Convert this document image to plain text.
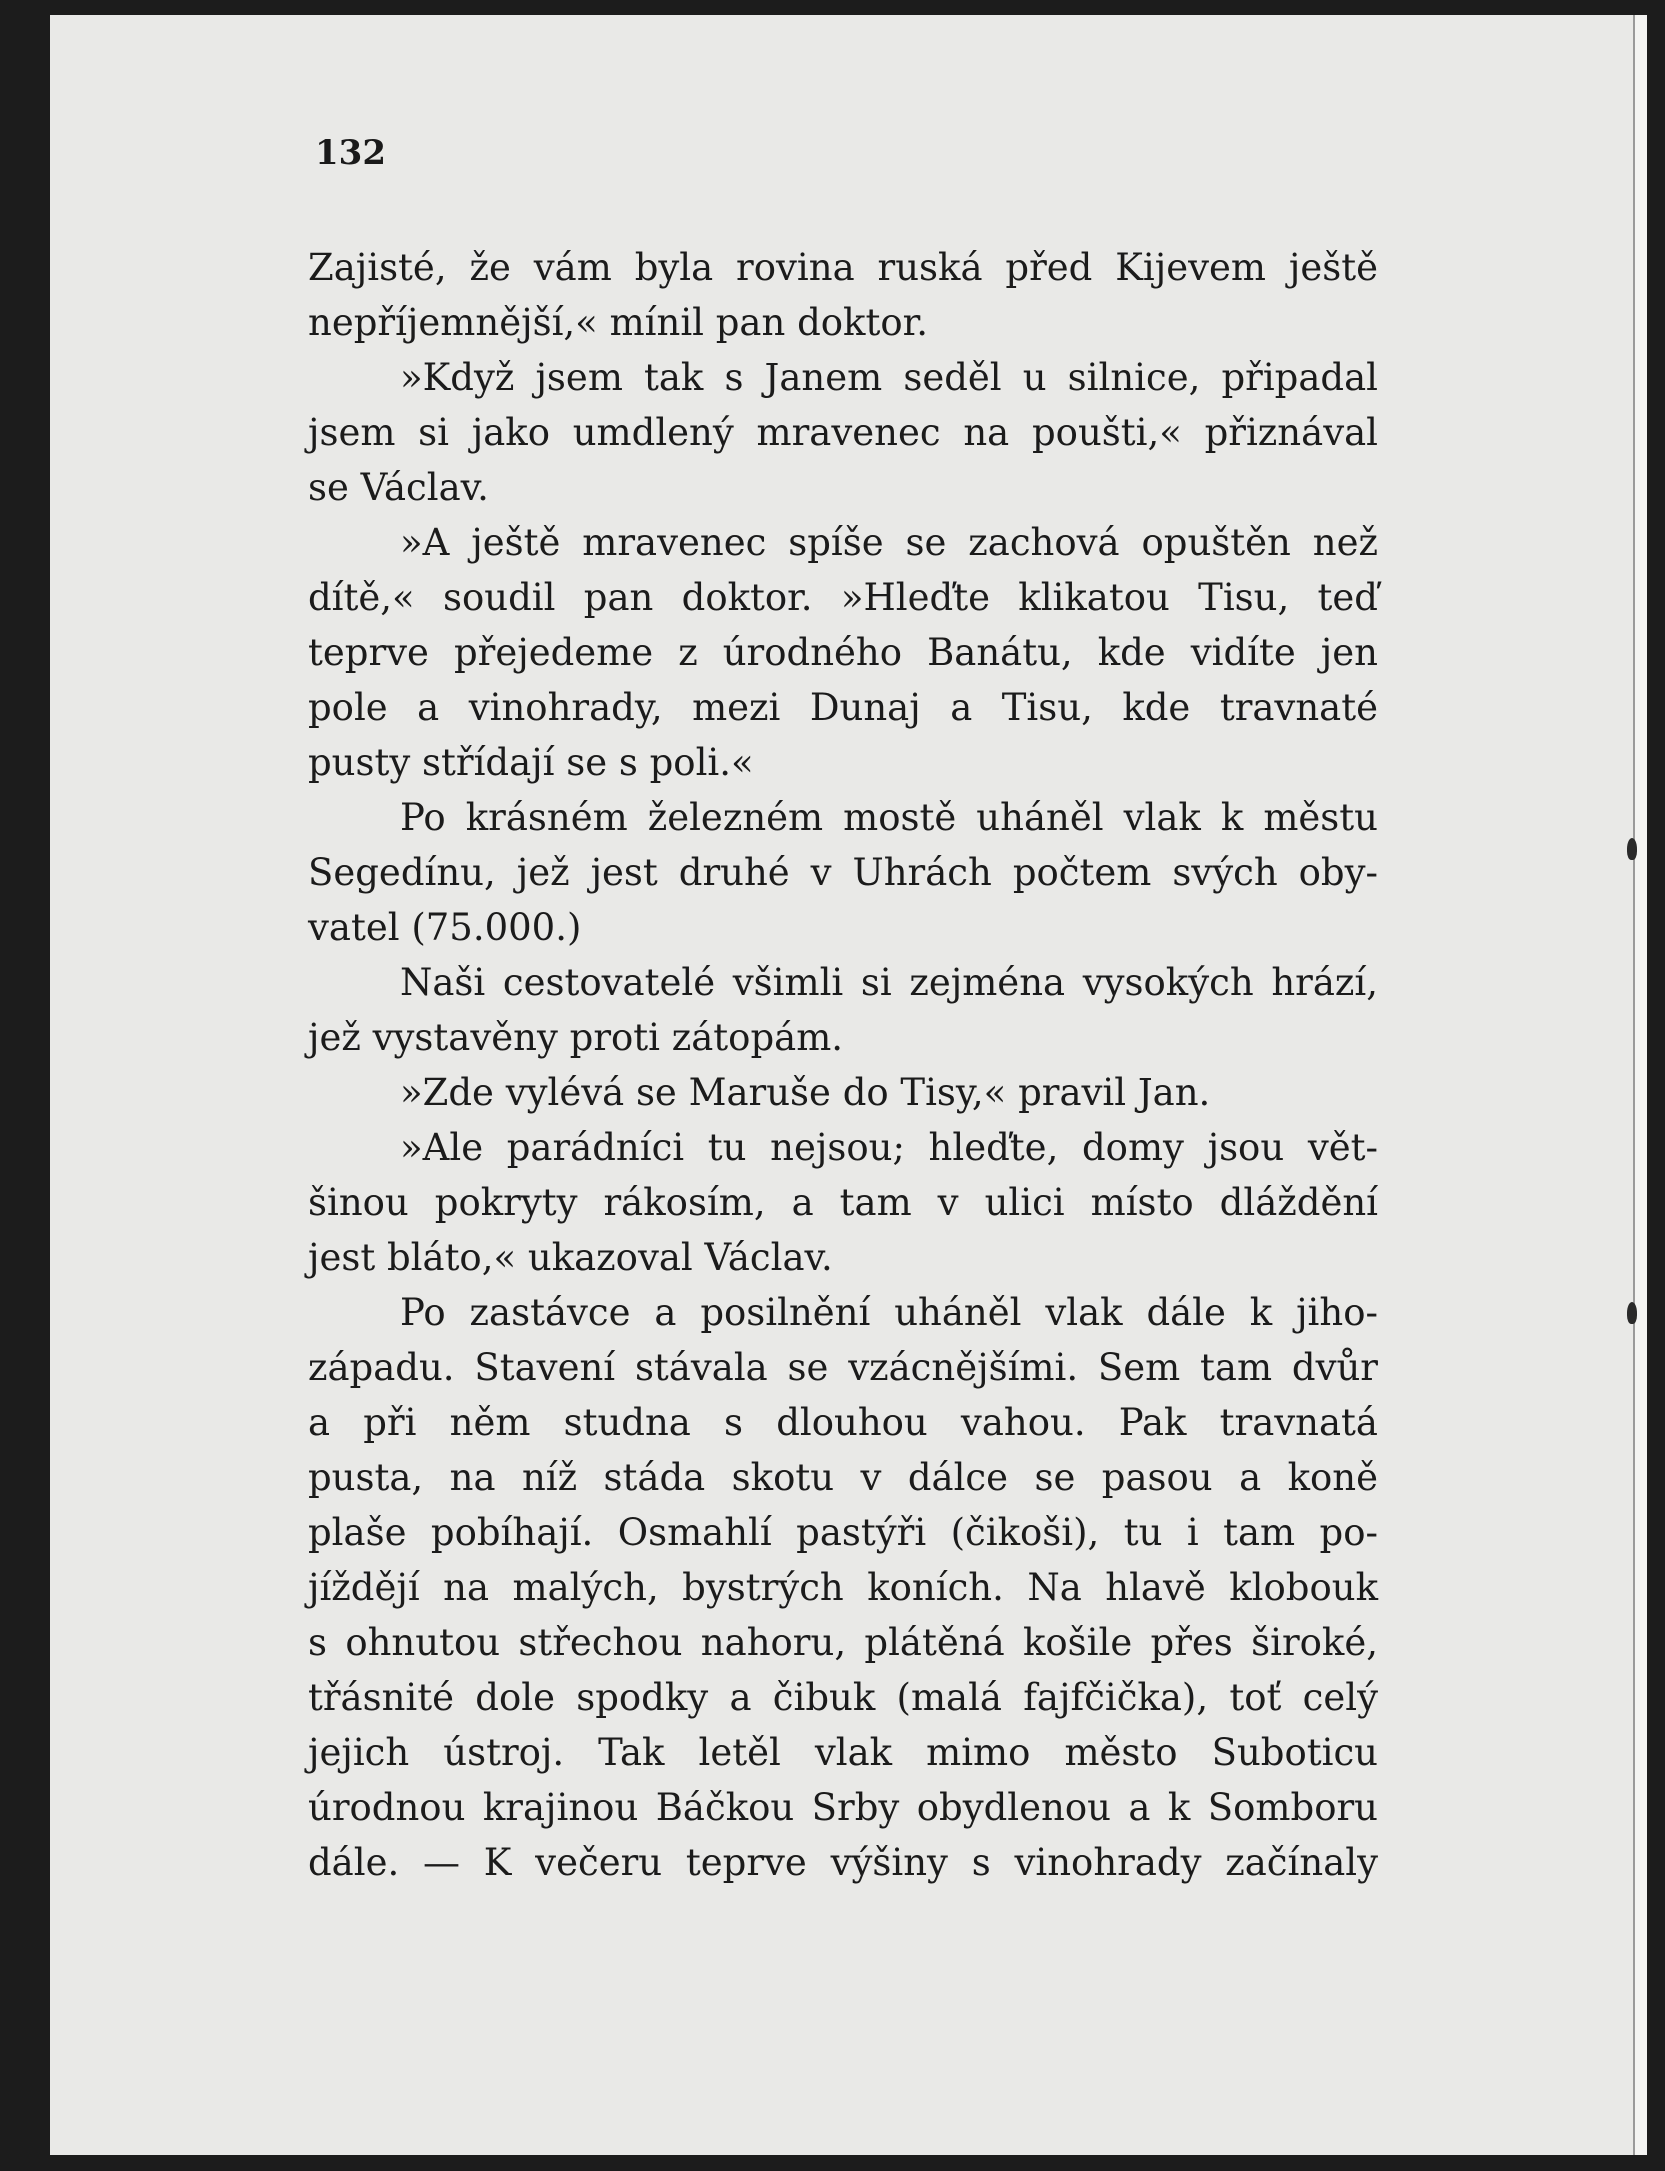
132
Zajisté, že vám byla rovina ruská před Kijevem ještě
nepříjemnější,« mínil pan doktor.
»Když jsem tak s Janem seděl u silnice, připadal
jsem si jako umdlený mravenec na poušti,« přiznával
se Václav.
»A ještě mravenec spíše se zachová opuštěn než
dítě,« soudil pan doktor. »Hleďte klikatou Tisu, teď
teprve přejedeme z úrodného Banátu, kde vidíte jen
pole a vinohrady, mezi Dunaj a Tisu, kde travnaté
pusty střídají se s poli.«
Po krásném železném mostě uháněl vlak k městu
Segedínu, jež jest druhé v Uhrách počtem svých oby-
vatel (75.000.)
Naši cestovatelé všimli si zejména vysokých hrází,
jež vystavěny proti zátopám.
»Zde vylévá se Maruše do Tisy,« pravil Jan.
»Ale parádníci tu nejsou; hleďte, domy jsou vět-
šinou pokryty rákosím, a tam v ulici místo dláždění
jest bláto,« ukazoval Václav.
Po zastávce a posilnění uháněl vlak dále k jiho-
západu. Stavení stávala se vzácnějšími. Sem tam dvůr
a při něm studna s dlouhou vahou. Pak travnatá
pusta, na níž stáda skotu v dálce se pasou a koně
plaše pobíhají. Osmahlí pastýři (čikoši), tu i tam po-
jíždějí na malých, bystrých koních. Na hlavě klobouk
s ohnutou střechou nahoru, plátěná košile přes široké,
třásnité dole spodky a čibuk (malá fajfčička), toť celý
jejich ústroj. Tak letěl vlak mimo město Suboticu
úrodnou krajinou Báčkou Srby obydlenou a k Somboru
dále. — K večeru teprve výšiny s vinohrady začínaly
